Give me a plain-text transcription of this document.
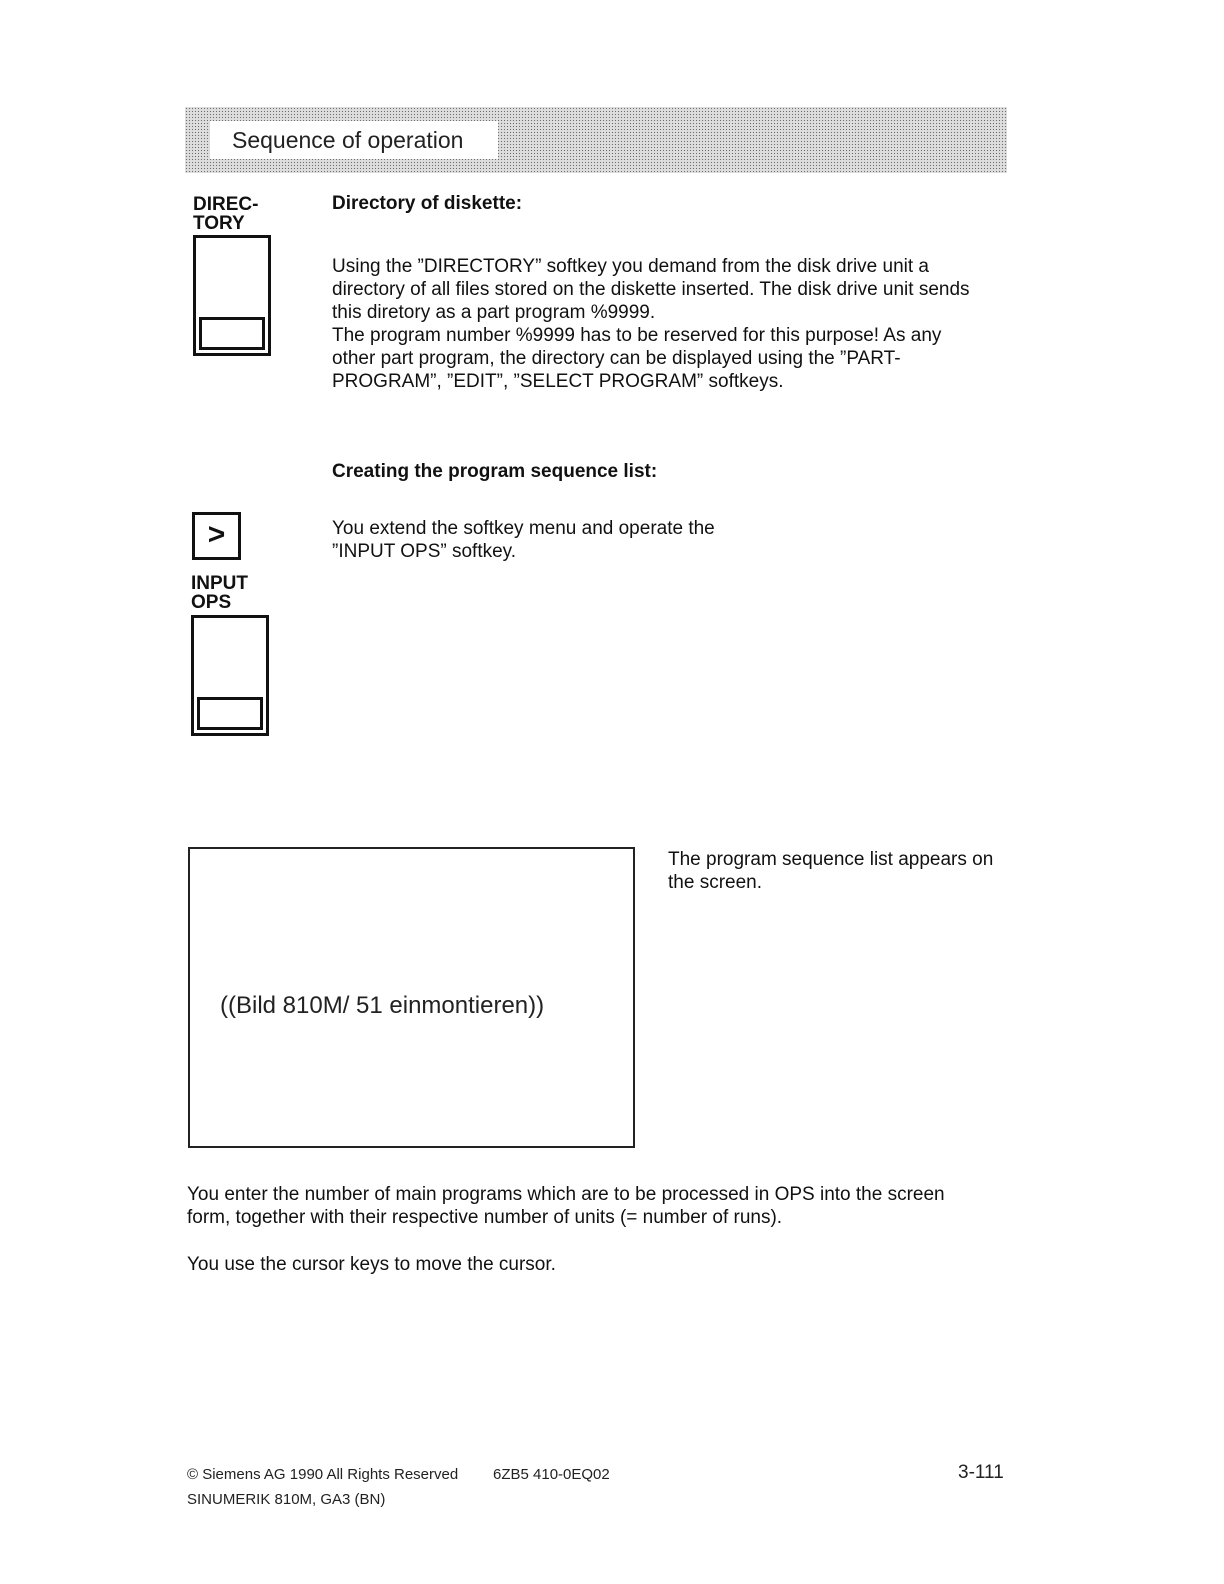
Sequence of operation
DIREC-
TORY
Directory of diskette:
Using the ”DIRECTORY” softkey you demand from the disk drive unit a
directory of all files stored on the diskette inserted. The disk drive unit sends
this diretory as a part program %9999.
The program number %9999 has to be reserved for this purpose! As any
other part program, the directory can be displayed using the ”PART-
PROGRAM”, ”EDIT”, ”SELECT PROGRAM” softkeys.
Creating the program sequence list:
>	You extend the softkey menu and operate the
”INPUT OPS” softkey.
INPUT
OPS
((Bild 810M/ 51 einmontieren))
The program sequence list appears on
the screen.
You enter the number of main programs which are to be processed in OPS into the screen
form, together with their respective number of units (= number of runs).
You use the cursor keys to move the cursor.
© Siemens AG 1990 All Rights Reserved 6ZB5 410-0EQ02	3-111
SINUMERIK 810M, GA3 (BN)
